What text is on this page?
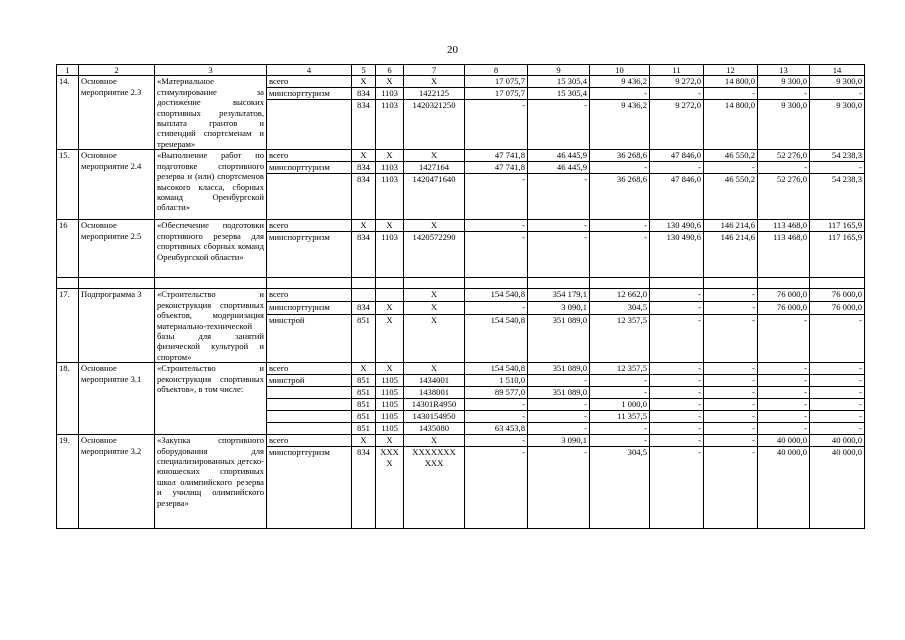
20
1	2	3	4	5	6	7	8	9	10	11	12	13	14
14.	Основное мероприятие 2.3	«Материальное стимулирование за достижение высоких спортивных результатов, выплата грантов и стипендий спортсменам и тренерам»	всего	Х	Х	Х	17 075,7	15 305,4	9 436,2	9 272,0	14 800,0	9 300,0	9 300,0
			минспорттуризм	834	1103	1422125	17 075,7	15 305,4	-	-	-	-	-
				834	1103	1420321250	-	-	9 436,2	9 272,0	14 800,0	9 300,0	9 300,0
15.	Основное мероприятие 2.4	«Выполнение работ по подготовке спортивного резерва и (или) спортсменов высокого класса, сборных команд Оренбургской области»	всего	Х	Х	Х	47 741,8	46 445,9	36 268,6	47 846,0	46 550,2	52 276,0	54 238,3
			минспорттуризм	834	1103	1427164	47 741,8	46 445,9	-	-	-	-	-
				834	1103	1420471640	-	-	36 268,6	47 846,0	46 550,2	52 276,0	54 238,3
16	Основное мероприятие 2.5	«Обеспечение подготовки спортивного резерва для спортивных сборных команд Оренбургской области»	всего	Х	Х	Х	-	-	-	130 490,6	146 214,6	113 468,0	117 165,9
			минспорттуризм	834	1103	1420572290	-	-	-	130 490,6	146 214,6	113 468,0	117 165,9

17.	Подпрограмма 3	«Строительство и реконструкция спортивных объектов, модернизация материально-технической базы для занятий физической культурой и спортом»	всего			Х	154 540,8	354 179,1	12 662,0	-	-	76 000,0	76 000,0
			минспорттуризм	834	Х	Х	-	3 090,1	304,5	-	-	76 000,0	76 000,0
			минстрой	851	Х	Х	154 540,8	351 089,0	12 357,5	-	-	-	-
18.	Основное мероприятие 3.1	«Строительство и реконструкция спортивных объектов», в том числе:	всего	Х	Х	Х	154 540,8	351 089,0	12 357,5	-	-	-	-
			минстрой	851	1105	1434001	1 510,0	-	-	-	-	-	-
				851	1105	1438001	89 577,0	351 089,0	-	-	-	-	-
				851	1105	14301R4950	-	-	1 000,0	-	-	-	-
				851	1105	1430154950	-	-	11 357,5	-	-	-	-
				851	1105	1435080	63 453,8	-	-	-	-	-	-
19.	Основное мероприятие 3.2	«Закупка спортивного оборудования для специализированных детско-юношеских спортивных школ олимпийского резерва и училищ олимпийского резерва»	всего	Х	Х	Х	-	3 090,1	-	-	-	40 000,0	40 000,0
			минспорттуризм	834	ХХХ Х	ХХХХХХХ ХХХ	-	-	304,5	-	-	40 000,0	40 000,0
